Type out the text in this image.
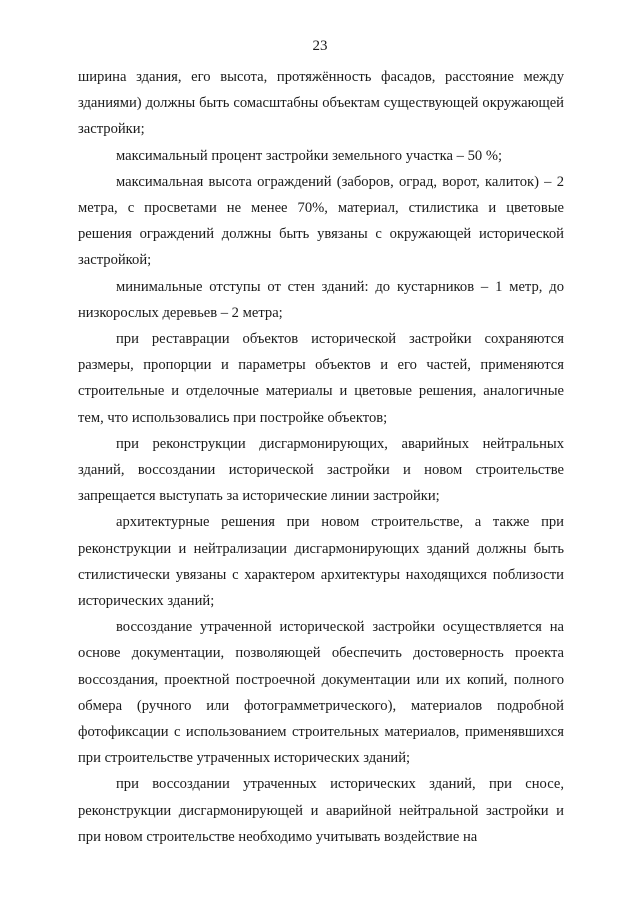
23

ширина здания, его высота, протяжённость фасадов, расстояние между зданиями) должны быть сомасштабны объектам существующей окружающей застройки;

максимальный процент застройки земельного участка – 50 %;

максимальная высота ограждений (заборов, оград, ворот, калиток) – 2 метра, с просветами не менее 70%, материал, стилистика и цветовые решения ограждений должны быть увязаны с окружающей исторической застройкой;

минимальные отступы от стен зданий: до кустарников – 1 метр, до низкорослых деревьев – 2 метра;

при реставрации объектов исторической застройки сохраняются размеры, пропорции и параметры объектов и его частей, применяются строительные и отделочные материалы и цветовые решения, аналогичные тем, что использовались при постройке объектов;

при реконструкции дисгармонирующих, аварийных нейтральных зданий, воссоздании исторической застройки и новом строительстве запрещается выступать за исторические линии застройки;

архитектурные решения при новом строительстве, а также при реконструкции и нейтрализации дисгармонирующих зданий должны быть стилистически увязаны с характером архитектуры находящихся поблизости исторических зданий;

воссоздание утраченной исторической застройки осуществляется на основе документации, позволяющей обеспечить достоверность проекта воссоздания, проектной построечной документации или их копий, полного обмера (ручного или фотограмметрического), материалов подробной фотофиксации с использованием строительных материалов, применявшихся при строительстве утраченных исторических зданий;

при воссоздании утраченных исторических зданий, при сносе, реконструкции дисгармонирующей и аварийной нейтральной застройки и при новом строительстве необходимо учитывать воздействие на
